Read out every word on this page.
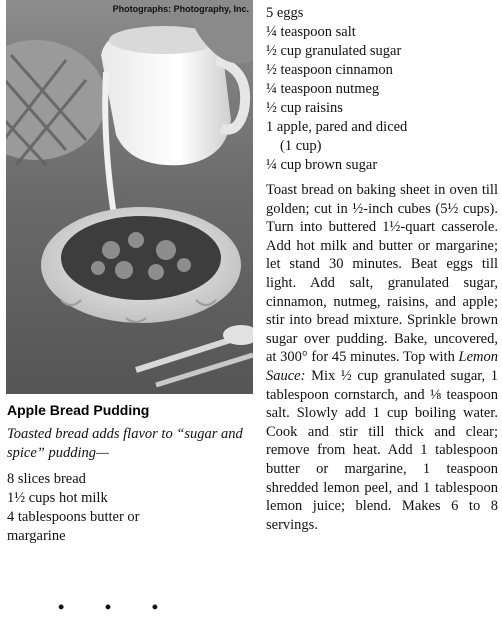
Photographs: Photography, Inc.
Apple Bread Pudding
Toasted bread adds flavor to “sugar and spice” pudding—
8 slices bread
1½ cups hot milk
4 tablespoons butter or
margarine
• • •
5 eggs
¼ teaspoon salt
½ cup granulated sugar
½ teaspoon cinnamon
¼ teaspoon nutmeg
½ cup raisins
1 apple, pared and diced
(1 cup)
¼ cup brown sugar

Toast bread on baking sheet in oven till golden; cut in ½-inch cubes (5½ cups). Turn into buttered 1½-quart casserole. Add hot milk and butter or margarine; let stand 30 minutes. Beat eggs till light. Add salt, granulated sugar, cinnamon, nutmeg, raisins, and apple; stir into bread mixture. Sprinkle brown sugar over pudding. Bake, uncovered, at 300° for 45 minutes. Top with Lemon Sauce: Mix ½ cup granulated sugar, 1 tablespoon cornstarch, and ⅛ teaspoon salt. Slowly add 1 cup boiling water. Cook and stir till thick and clear; remove from heat. Add 1 tablespoon butter or margarine, 1 teaspoon shredded lemon peel, and 1 tablespoon lemon juice; blend. Makes 6 to 8 servings.
